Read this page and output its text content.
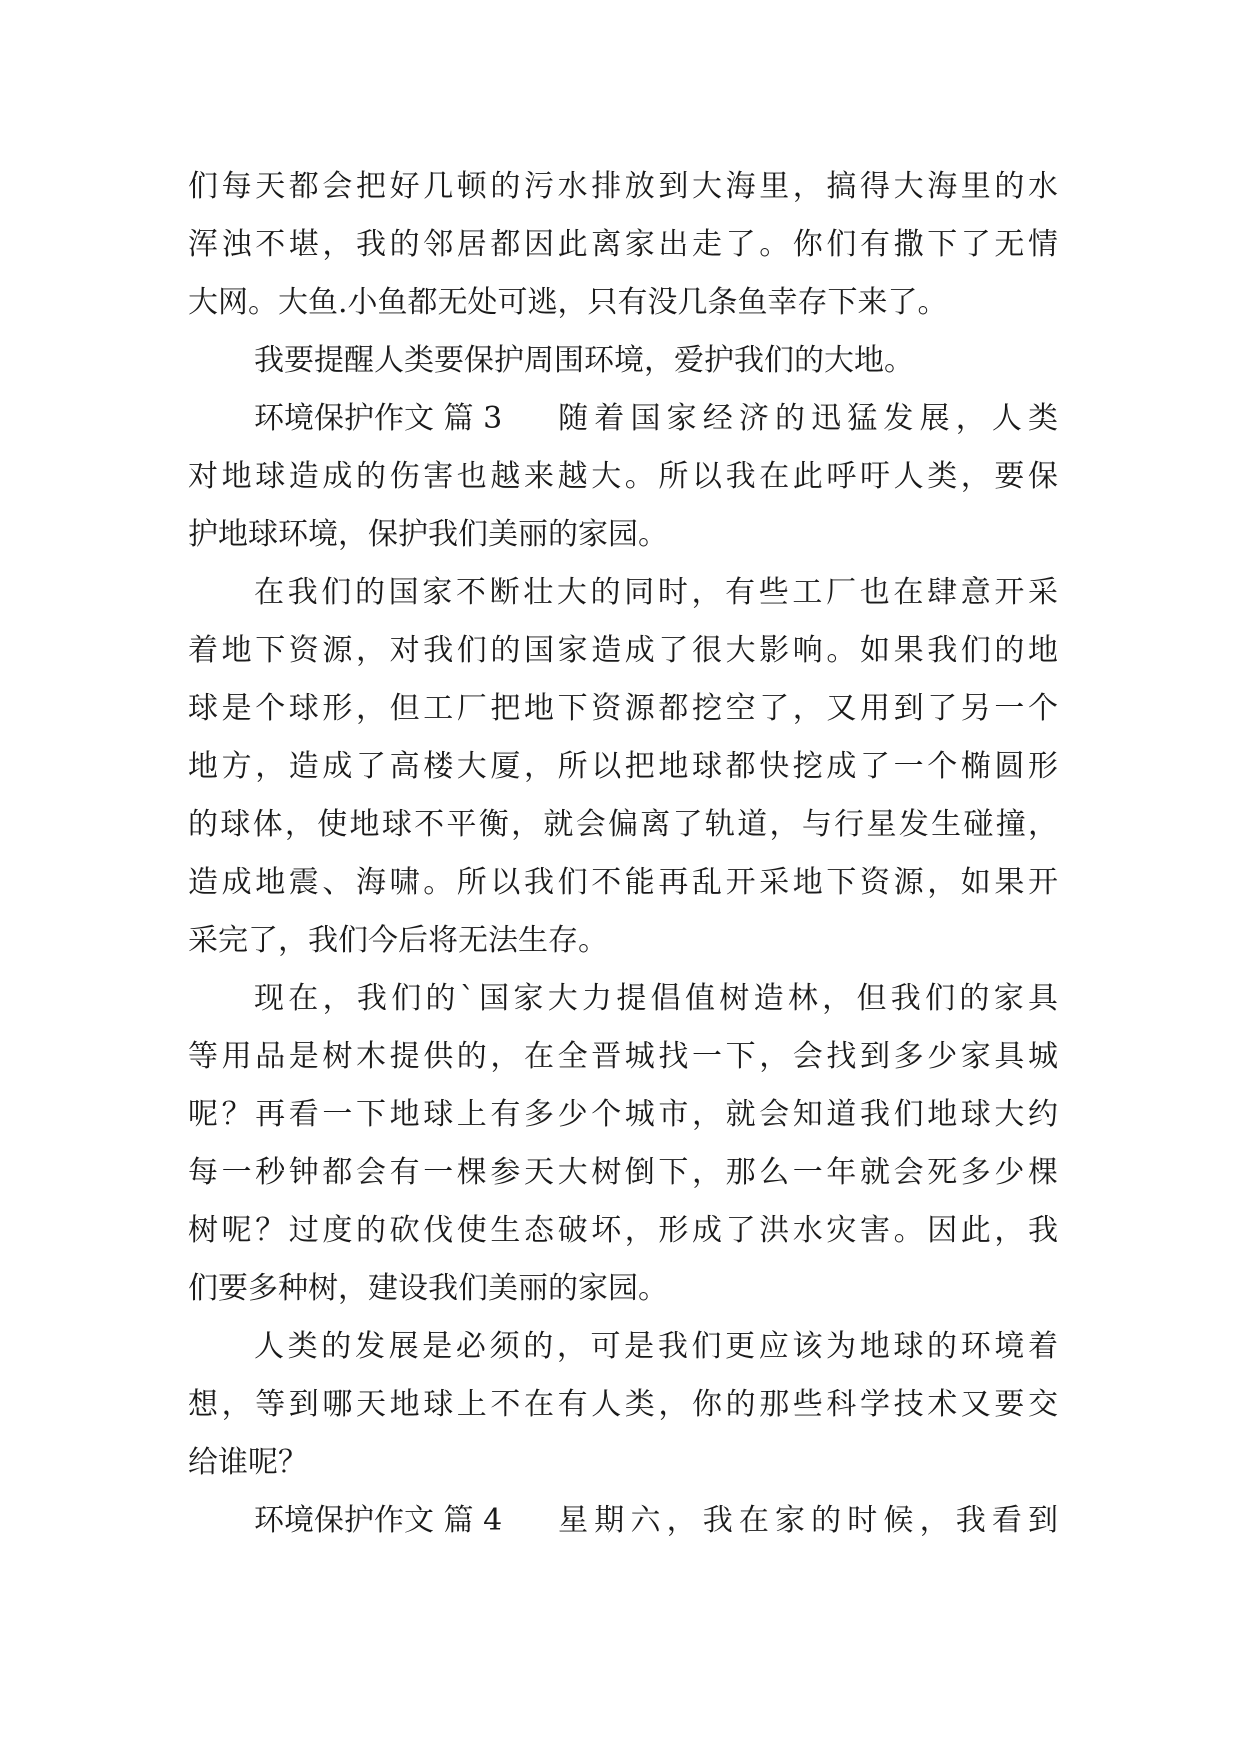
们每天都会把好几顿的污水排放到大海里，搞得大海里的水
浑浊不堪，我的邻居都因此离家出走了。你们有撒下了无情
大网。大鱼.小鱼都无处可逃，只有没几条鱼幸存下来了。
我要提醒人类要保护周围环境，爱护我们的大地。
环境保护作文 篇 3 随着国家经济的迅猛发展，人类
对地球造成的伤害也越来越大。所以我在此呼吁人类，要保
护地球环境，保护我们美丽的家园。
在我们的国家不断壮大的同时，有些工厂也在肆意开采
着地下资源，对我们的国家造成了很大影响。如果我们的地
球是个球形，但工厂把地下资源都挖空了，又用到了另一个
地方，造成了高楼大厦，所以把地球都快挖成了一个椭圆形
的球体，使地球不平衡，就会偏离了轨道，与行星发生碰撞，
造成地震、海啸。所以我们不能再乱开采地下资源，如果开
采完了，我们今后将无法生存。
现在，我们的`国家大力提倡值树造林，但我们的家具
等用品是树木提供的，在全晋城找一下，会找到多少家具城
呢？再看一下地球上有多少个城市，就会知道我们地球大约
每一秒钟都会有一棵参天大树倒下，那么一年就会死多少棵
树呢？过度的砍伐使生态破坏，形成了洪水灾害。因此，我
们要多种树，建设我们美丽的家园。
人类的发展是必须的，可是我们更应该为地球的环境着
想，等到哪天地球上不在有人类，你的那些科学技术又要交
给谁呢？
环境保护作文 篇 4 星期六，我在家的时候，我看到
